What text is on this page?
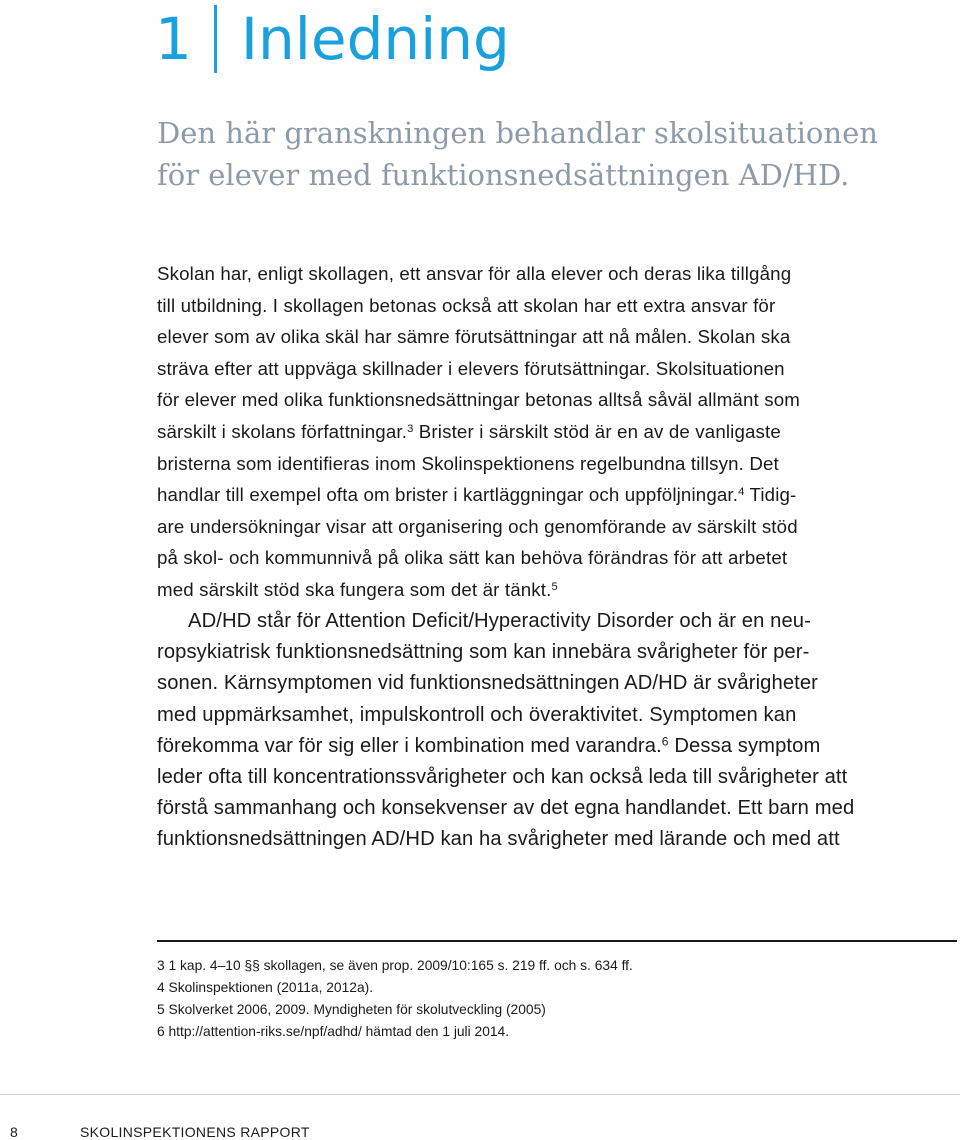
1 Inledning

Den här granskningen behandlar skolsituationen för elever med funktionsnedsättningen AD/HD.

Skolan har, enligt skollagen, ett ansvar för alla elever och deras lika tillgång
till utbildning. I skollagen betonas också att skolan har ett extra ansvar för
elever som av olika skäl har sämre förutsättningar att nå målen. Skolan ska
sträva efter att uppväga skillnader i elevers förutsättningar. Skolsituationen
för elever med olika funktionsnedsättningar betonas alltså såväl allmänt som
särskilt i skolans författningar.$^3$ Brister i särskilt stöd är en av de vanligaste
bristerna som identifieras inom Skolinspektionens regelbundna tillsyn. Det
handlar till exempel ofta om brister i kartläggningar och uppföljningar.$^4$ Tidig-
are undersökningar visar att organisering och genomförande av särskilt stöd
på skol- och kommunnivå på olika sätt kan behöva förändras för att arbetet
med särskilt stöd ska fungera som det är tänkt.$^5$
AD/HD står för Attention Deficit/Hyperactivity Disorder och är en neu-
ropsykiatrisk funktionsnedsättning som kan innebära svårigheter för per-
sonen. Kärnsymptomen vid funktionsnedsättningen AD/HD är svårigheter
med uppmärksamhet, impulskontroll och överaktivitet. Symptomen kan
förekomma var för sig eller i kombination med varandra.$^6$ Dessa symptom
leder ofta till koncentrationssvårigheter och kan också leda till svårigheter att
förstå sammanhang och konsekvenser av det egna handlandet. Ett barn med
funktionsnedsättningen AD/HD kan ha svårigheter med lärande och med att
3 1 kap. 4–10 §§ skollagen, se även prop. 2009/10:165 s. 219 ff. och s. 634 ff.
4 Skolinspektionen (2011a, 2012a).
5 Skolverket 2006, 2009. Myndigheten för skolutveckling (2005)
6 http://attention-riks.se/npf/adhd/ hämtad den 1 juli 2014.
8	SKOLINSPEKTIONENS RAPPORT
